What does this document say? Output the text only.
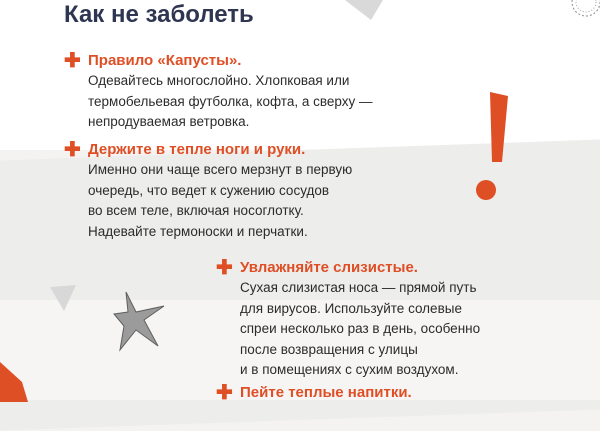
Как не заболеть
✚ Правило «Капусты».

Одевайтесь многослойно. Хлопковая или
термобельевая футболка, кофта, а сверху —
непродуваемая ветровка.

✚ Держите в тепле ноги и руки.

Именно они чаще всего мерзнут в первую
очередь, что ведет к сужению сосудов
во всем теле, включая носоглотку.
Надевайте термоноски и перчатки.

✚ Увлажняйте слизистые.

Сухая слизистая носа — прямой путь
для вирусов. Используйте солевые
спреи несколько раз в день, особенно
после возвращения с улицы
и в помещениях с сухим воздухом.

✚ Пейте теплые напитки.
